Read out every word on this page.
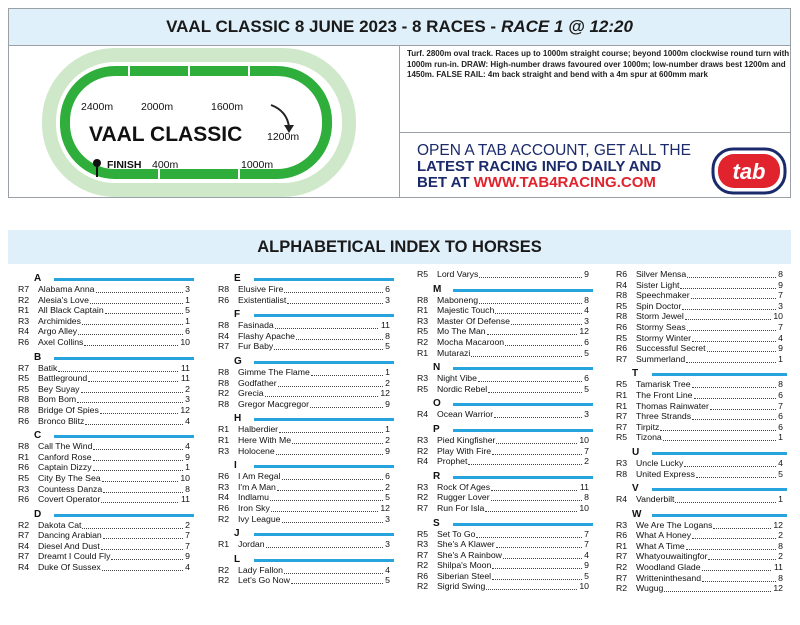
VAAL CLASSIC 8 JUNE 2023 - 8 RACES - RACE 1 @ 12:20
2400m	2000m	1600m
1200m
400m	1000m
FINISH
VAAL CLASSIC
Turf. 2800m oval track. Races up to 1000m straight course; beyond 1000m clockwise round turn with 1000m run-in. DRAW: High-number draws favoured over 1000m; low-number draws best 1200m and 1450m. FALSE RAIL: 4m back straight and bend with a 4m spur at 600mm mark
OPEN A TAB ACCOUNT, GET ALL THE
LATEST RACING INFO DAILY AND
BET AT WWW.TAB4RACING.COM	tab
ALPHABETICAL INDEX TO HORSES
A
R7 Alabama Anna	3
R2 Alesia's Love	1
R1 All Black Captain	5
R3 Archimides	1
R4 Argo Alley	6
R6 Axel Collins	10
B
R7 Batik	11
R5 Battleground	11
R5 Bey Suyay	2
R8 Bom Bom	3
R8 Bridge Of Spies	12
R6 Bronco Blitz	4
C
R8 Call The Wind	4
R1 Canford Rose	9
R6 Captain Dizzy	1
R5 City By The Sea	10
R3 Countess Danza	8
R6 Covert Operator	11
D
R2 Dakota Cat	2
R7 Dancing Arabian	7
R4 Diesel And Dust	7
R7 Dreamt I Could Fly	9
R4 Duke Of Sussex	4
E
R8 Elusive Fire	6
R6 Existentialist	3
F
R8 Fasinada	11
R4 Flashy Apache	8
R7 Fur Baby	5
G
R8 Gimme The Flame	1
R8 Godfather	2
R2 Grecia	12
R8 Gregor Macgregor	9
H
R1 Halberdier	1
R1 Here With Me	2
R3 Holocene	9
I
R6 I Am Regal	6
R3 I'm A Man	2
R4 Indlamu	5
R6 Iron Sky	12
R2 Ivy League	3
J
R1 Jordan	3
L
R2 Lady Fallon	4
R2 Let's Go Now	5
R5 Lord Varys	9
M
R8 Maboneng	8
R1 Majestic Touch	4
R3 Master Of Defense	3
R5 Mo The Man	12
R2 Mocha Macaroon	6
R1 Mutarazi	5
N
R3 Night Vibe	6
R5 Nordic Rebel	5
O
R4 Ocean Warrior	3
P
R3 Pied Kingfisher	10
R2 Play With Fire	7
R4 Prophet	2
R
R3 Rock Of Ages	11
R2 Rugger Lover	8
R7 Run For Isla	10
S
R5 Set To Go	7
R3 She's A Klawer	7
R7 She's A Rainbow	4
R2 Shilpa's Moon	9
R6 Siberian Steel	5
R2 Sigrid Swing	10
R6 Silver Mensa	8
R4 Sister Light	9
R8 Speechmaker	7
R5 Spin Doctor	3
R8 Storm Jewel	10
R6 Stormy Seas	7
R5 Stormy Winter	4
R6 Successful Secret	9
R7 Summerland	1
T
R5 Tamarisk Tree	8
R1 The Front Line	6
R1 Thomas Rainwater	7
R7 Three Strands	6
R7 Tirpitz	6
R5 Tizona	1
U
R3 Uncle Lucky	4
R8 United Express	5
V
R4 Vanderbilt	1
W
R3 We Are The Logans	12
R6 What A Honey	2
R1 What A Time	8
R7 Whatyouwaitingfor	2
R2 Woodland Glade	11
R7 Writteninthesand	8
R2 Wugug	12
